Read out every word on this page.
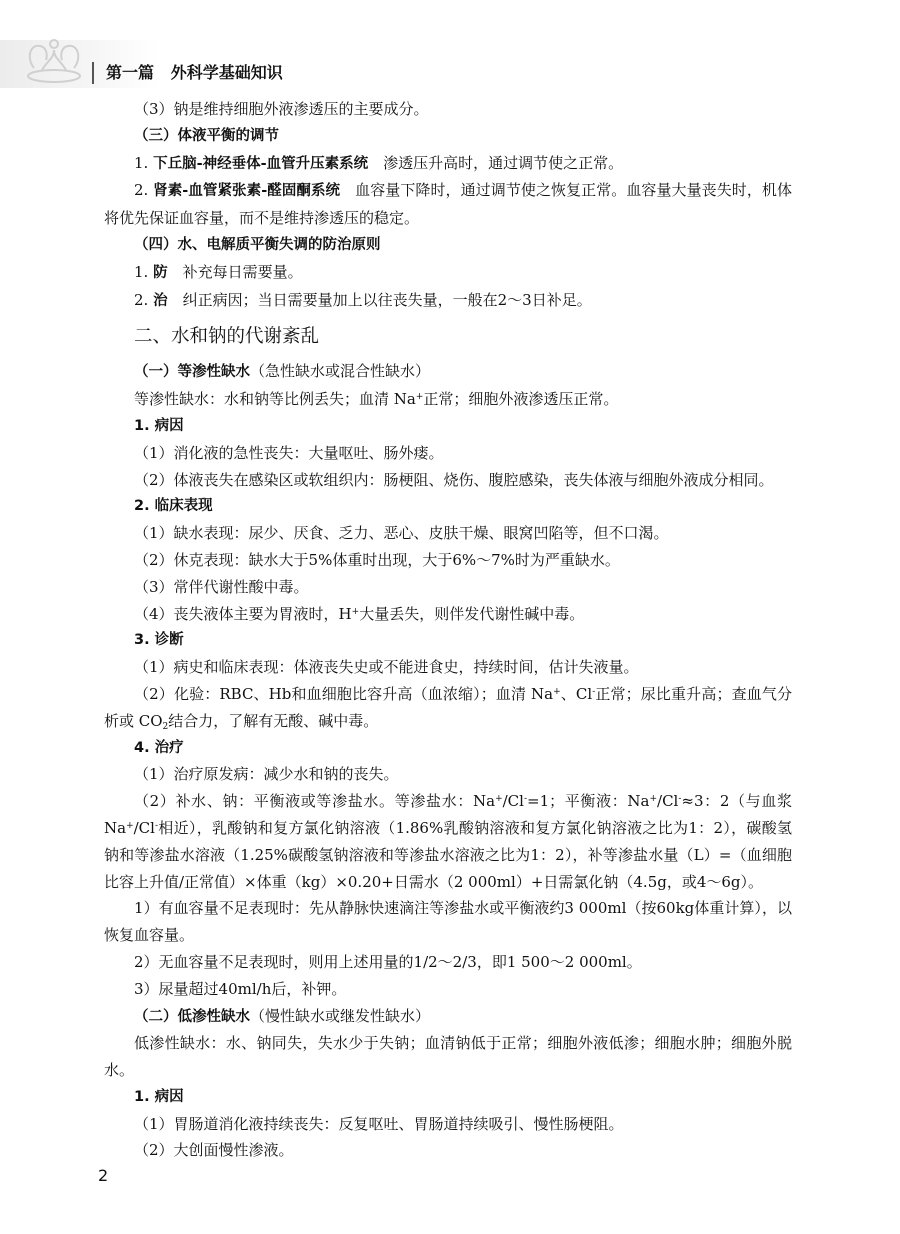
第一篇 外科学基础知识

（3）钠是维持细胞外液渗透压的主要成分。

（三）体液平衡的调节

1. 下丘脑-神经垂体-血管升压素系统　 渗透压升高时，通过调节使之正常。

2. 肾素-血管紧张素-醛固酮系统　 血容量下降时，通过调节使之恢复正常。血容量大量丧失时，机体将优先保证血容量，而不是维持渗透压的稳定。

（四）水、电解质平衡失调的防治原则

1. 防　 补充每日需要量。

2. 治　 纠正病因；当日需要量加上以往丧失量，一般在2～3日补足。

二、水和钠的代谢紊乱

（一）等渗性缺水（急性缺水或混合性缺水）

等渗性缺水：水和钠等比例丢失；血清 Na+正常；细胞外液渗透压正常。

1. 病因

（1）消化液的急性丧失：大量呕吐、肠外瘘。

（2）体液丧失在感染区或软组织内：肠梗阻、烧伤、腹腔感染，丧失体液与细胞外液成分相同。

2. 临床表现

（1）缺水表现：尿少、厌食、乏力、恶心、皮肤干燥、眼窝凹陷等，但不口渴。

（2）休克表现：缺水大于5%体重时出现，大于6%～7%时为严重缺水。

（3）常伴代谢性酸中毒。

（4）丧失液体主要为胃液时，H+大量丢失，则伴发代谢性碱中毒。

3. 诊断

（1）病史和临床表现：体液丧失史或不能进食史，持续时间，估计失液量。

（2）化验：RBC、Hb和血细胞比容升高（血浓缩）；血清 Na+、Cl-正常；尿比重升高；查血气分析或 $CO_2$结合力，了解有无酸、碱中毒。

4. 治疗

（1）治疗原发病：减少水和钠的丧失。

（2）补水、钠：平衡液或等渗盐水。等渗盐水：Na+/Cl-=1；平衡液：Na+/Cl-≈3：2（与血浆 Na+/Cl-相近），乳酸钠和复方氯化钠溶液（1.86%乳酸钠溶液和复方氯化钠溶液之比为1：2），碳酸氢钠和等渗盐水溶液（1.25%碳酸氢钠溶液和等渗盐水溶液之比为1：2），补等渗盐水量（L）=（血细胞比容上升值/正常值）×体重（kg）×0.20+日需水（2 000ml）+日需氯化钠（4.5g，或4～6g）。

1）有血容量不足表现时：先从静脉快速滴注等渗盐水或平衡液约3 000ml（按60kg体重计算），以恢复血容量。

2）无血容量不足表现时，则用上述用量的1/2～2/3，即1 500～2 000ml。

3）尿量超过40ml/h后，补钾。

（二）低渗性缺水（慢性缺水或继发性缺水）

低渗性缺水：水、钠同失，失水少于失钠；血清钠低于正常；细胞外液低渗；细胞水肿；细胞外脱水。

1. 病因

（1）胃肠道消化液持续丧失：反复呕吐、胃肠道持续吸引、慢性肠梗阻。

（2）大创面慢性渗液。

2
